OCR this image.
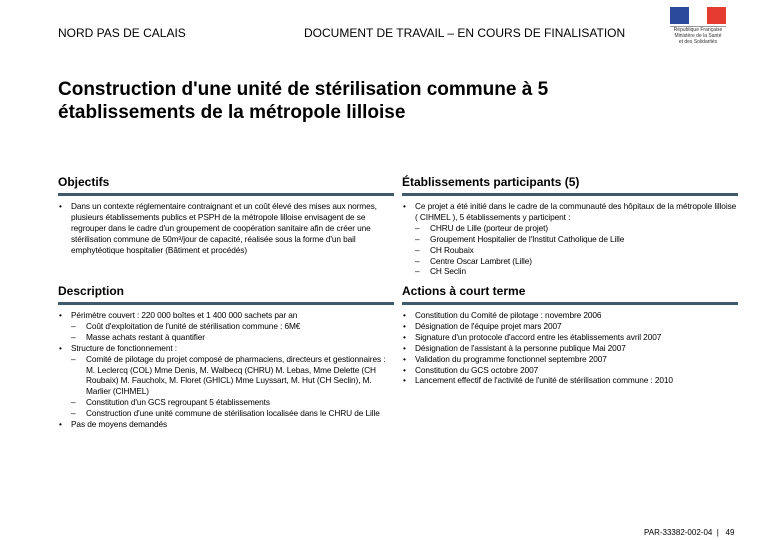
NORD PAS DE CALAIS	DOCUMENT DE TRAVAIL – EN COURS DE FINALISATION	République Française
Ministère de la Santé
et des Solidarités
Construction d'une unité de stérilisation commune à 5 établissements de la métropole lilloise
Objectifs
• Dans un contexte réglementaire contraignant et un coût élevé des mises aux normes, plusieurs établissements publics et PSPH de la métropole lilloise envisagent de se regrouper dans le cadre d'un groupement de coopération sanitaire afin de créer une stérilisation commune de 50m³/jour de capacité, réalisée sous la forme d'un bail emphytéotique hospitalier (Bâtiment et procédés)
Établissements participants (5)
• Ce projet a été initié dans le cadre de la communauté des hôpitaux de la métropole lilloise ( CIHMEL ), 5 établissements y participent :
– CHRU de Lille (porteur de projet)
– Groupement Hospitalier de l'Institut Catholique de Lille
– CH Roubaix
– Centre Oscar Lambret (Lille)
– CH Seclin
Description
• Périmètre couvert : 220 000 boîtes et 1 400 000 sachets par an
– Coût d'exploitation de l'unité de stérilisation commune : 6M€
– Masse achats restant à quantifier
• Structure de fonctionnement :
– Comité de pilotage du projet composé de pharmaciens, directeurs et gestionnaires : M. Leclercq (COL) Mme Denis, M. Walbecq (CHRU) M. Lebas, Mme Delette (CH Roubaix) M. Faucholx, M. Floret (GHICL) Mme Luyssart, M. Hut (CH Seclin), M. Marlier (CIHMEL)
– Constitution d'un GCS regroupant 5 établissements
– Construction d'une unité commune de stérilisation localisée dans le CHRU de Lille
• Pas de moyens demandés
Actions à court terme
• Constitution du Comité de pilotage : novembre 2006
• Désignation de l'équipe projet mars 2007
• Signature d'un protocole d'accord entre les établissements avril 2007
• Désignation de l'assistant à la personne publique Mai 2007
• Validation du programme fonctionnel septembre 2007
• Constitution du GCS octobre 2007
• Lancement effectif de l'activité de l'unité de stérilisation commune : 2010
PAR-33382-002-04  |   49
